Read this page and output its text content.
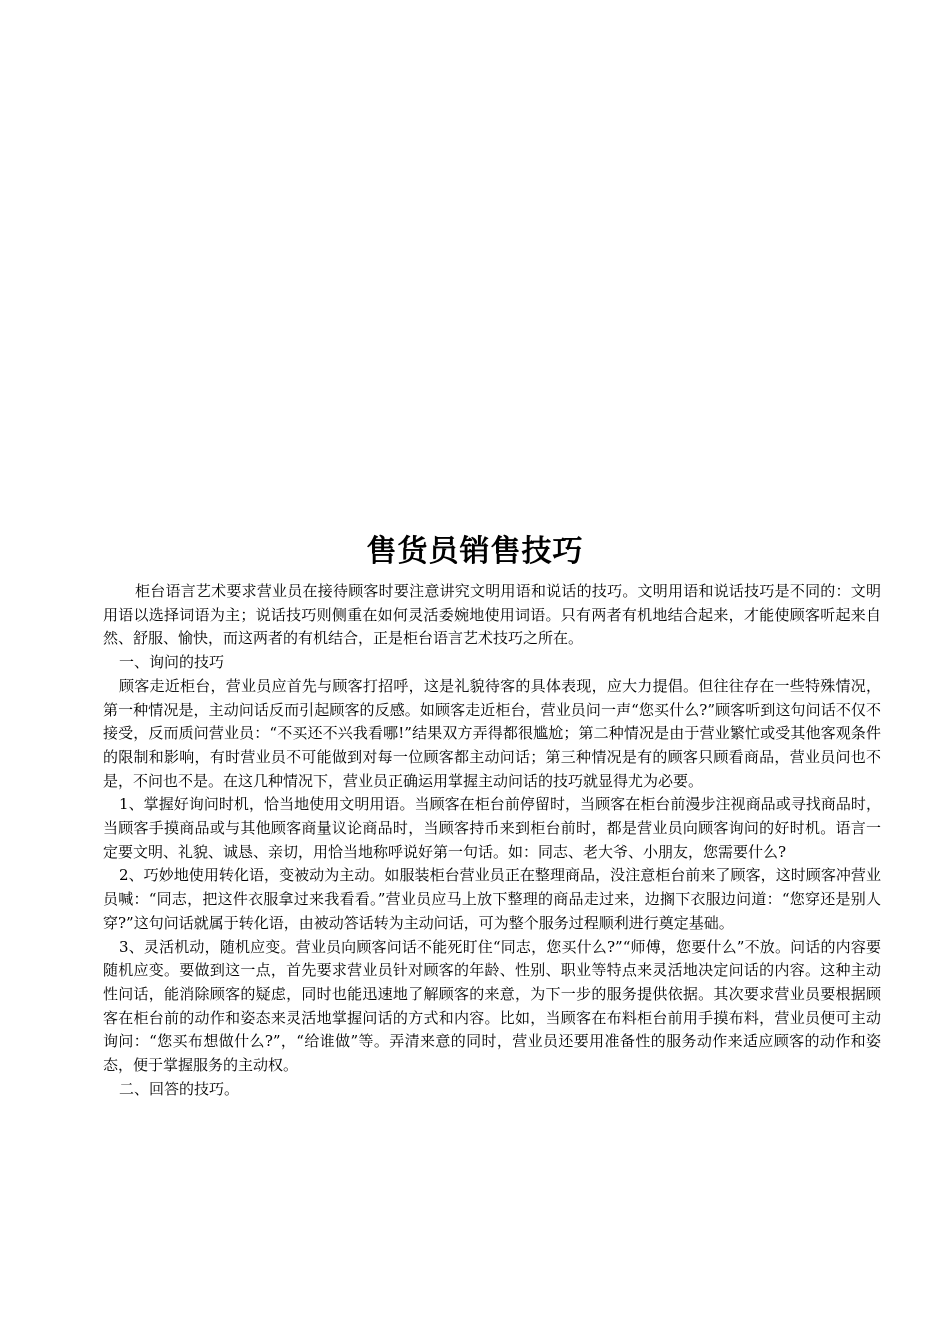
售货员销售技巧

柜台语言艺术要求营业员在接待顾客时要注意讲究文明用语和说话的技巧。文明用语和说话技巧是不同的：文明用语以选择词语为主；说话技巧则侧重在如何灵活委婉地使用词语。只有两者有机地结合起来，才能使顾客听起来自然、舒服、愉快，而这两者的有机结合，正是柜台语言艺术技巧之所在。

一、询问的技巧

顾客走近柜台，营业员应首先与顾客打招呼，这是礼貌待客的具体表现，应大力提倡。但往往存在一些特殊情况，第一种情况是，主动问话反而引起顾客的反感。如顾客走近柜台，营业员问一声“您买什么?”顾客听到这句问话不仅不接受，反而质问营业员：“不买还不兴我看哪!”结果双方弄得都很尴尬；第二种情况是由于营业繁忙或受其他客观条件的限制和影响，有时营业员不可能做到对每一位顾客都主动问话；第三种情况是有的顾客只顾看商品，营业员问也不是，不问也不是。在这几种情况下，营业员正确运用掌握主动问话的技巧就显得尤为必要。

1、掌握好询问时机，恰当地使用文明用语。当顾客在柜台前停留时，当顾客在柜台前漫步注视商品或寻找商品时，当顾客手摸商品或与其他顾客商量议论商品时，当顾客持币来到柜台前时，都是营业员向顾客询问的好时机。语言一定要文明、礼貌、诚恳、亲切，用恰当地称呼说好第一句话。如：同志、老大爷、小朋友，您需要什么?

2、巧妙地使用转化语，变被动为主动。如服装柜台营业员正在整理商品，没注意柜台前来了顾客，这时顾客冲营业员喊：“同志，把这件衣服拿过来我看看。”营业员应马上放下整理的商品走过来，边搁下衣服边问道：“您穿还是别人穿?”这句问话就属于转化语，由被动答话转为主动问话，可为整个服务过程顺利进行奠定基础。

3、灵活机动，随机应变。营业员向顾客问话不能死盯住“同志，您买什么?”“师傅，您要什么”不放。问话的内容要随机应变。要做到这一点，首先要求营业员针对顾客的年龄、性别、职业等特点来灵活地决定问话的内容。这种主动性问话，能消除顾客的疑虑，同时也能迅速地了解顾客的来意，为下一步的服务提供依据。其次要求营业员要根据顾客在柜台前的动作和姿态来灵活地掌握问话的方式和内容。比如，当顾客在布料柜台前用手摸布料，营业员便可主动询问：“您买布想做什么?”，“给谁做”等。弄清来意的同时，营业员还要用准备性的服务动作来适应顾客的动作和姿态，便于掌握服务的主动权。

二、回答的技巧。
